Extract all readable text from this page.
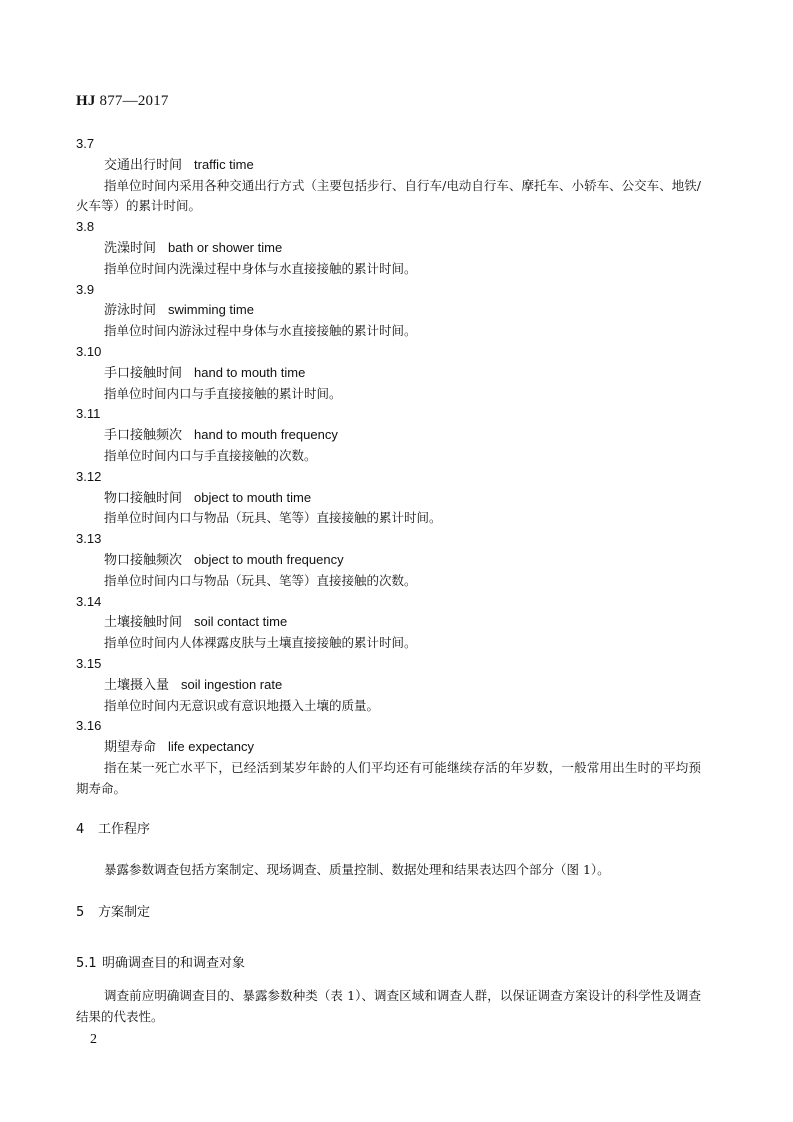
HJ 877—2017
3.7
交通出行时间 traffic time

指单位时间内采用各种交通出行方式（主要包括步行、自行车/电动自行车、摩托车、小轿车、公交车、地铁/火车等）的累计时间。

3.8
洗澡时间 bath or shower time

指单位时间内洗澡过程中身体与水直接接触的累计时间。

3.9
游泳时间 swimming time

指单位时间内游泳过程中身体与水直接接触的累计时间。

3.10
手口接触时间 hand to mouth time

指单位时间内口与手直接接触的累计时间。

3.11
手口接触频次 hand to mouth frequency

指单位时间内口与手直接接触的次数。

3.12
物口接触时间 object to mouth time

指单位时间内口与物品（玩具、笔等）直接接触的累计时间。

3.13
物口接触频次 object to mouth frequency

指单位时间内口与物品（玩具、笔等）直接接触的次数。

3.14
土壤接触时间 soil contact time

指单位时间内人体裸露皮肤与土壤直接接触的累计时间。

3.15
土壤摄入量 soil ingestion rate

指单位时间内无意识或有意识地摄入土壤的质量。

3.16
期望寿命 life expectancy

指在某一死亡水平下，已经活到某岁年龄的人们平均还有可能继续存活的年岁数，一般常用出生时的平均预期寿命。

4 工作程序

暴露参数调查包括方案制定、现场调查、质量控制、数据处理和结果表达四个部分（图 1）。

5 方案制定
5.1 明确调查目的和调查对象

调查前应明确调查目的、暴露参数种类（表 1）、调查区域和调查人群，以保证调查方案设计的科学性及调查结果的代表性。

2
